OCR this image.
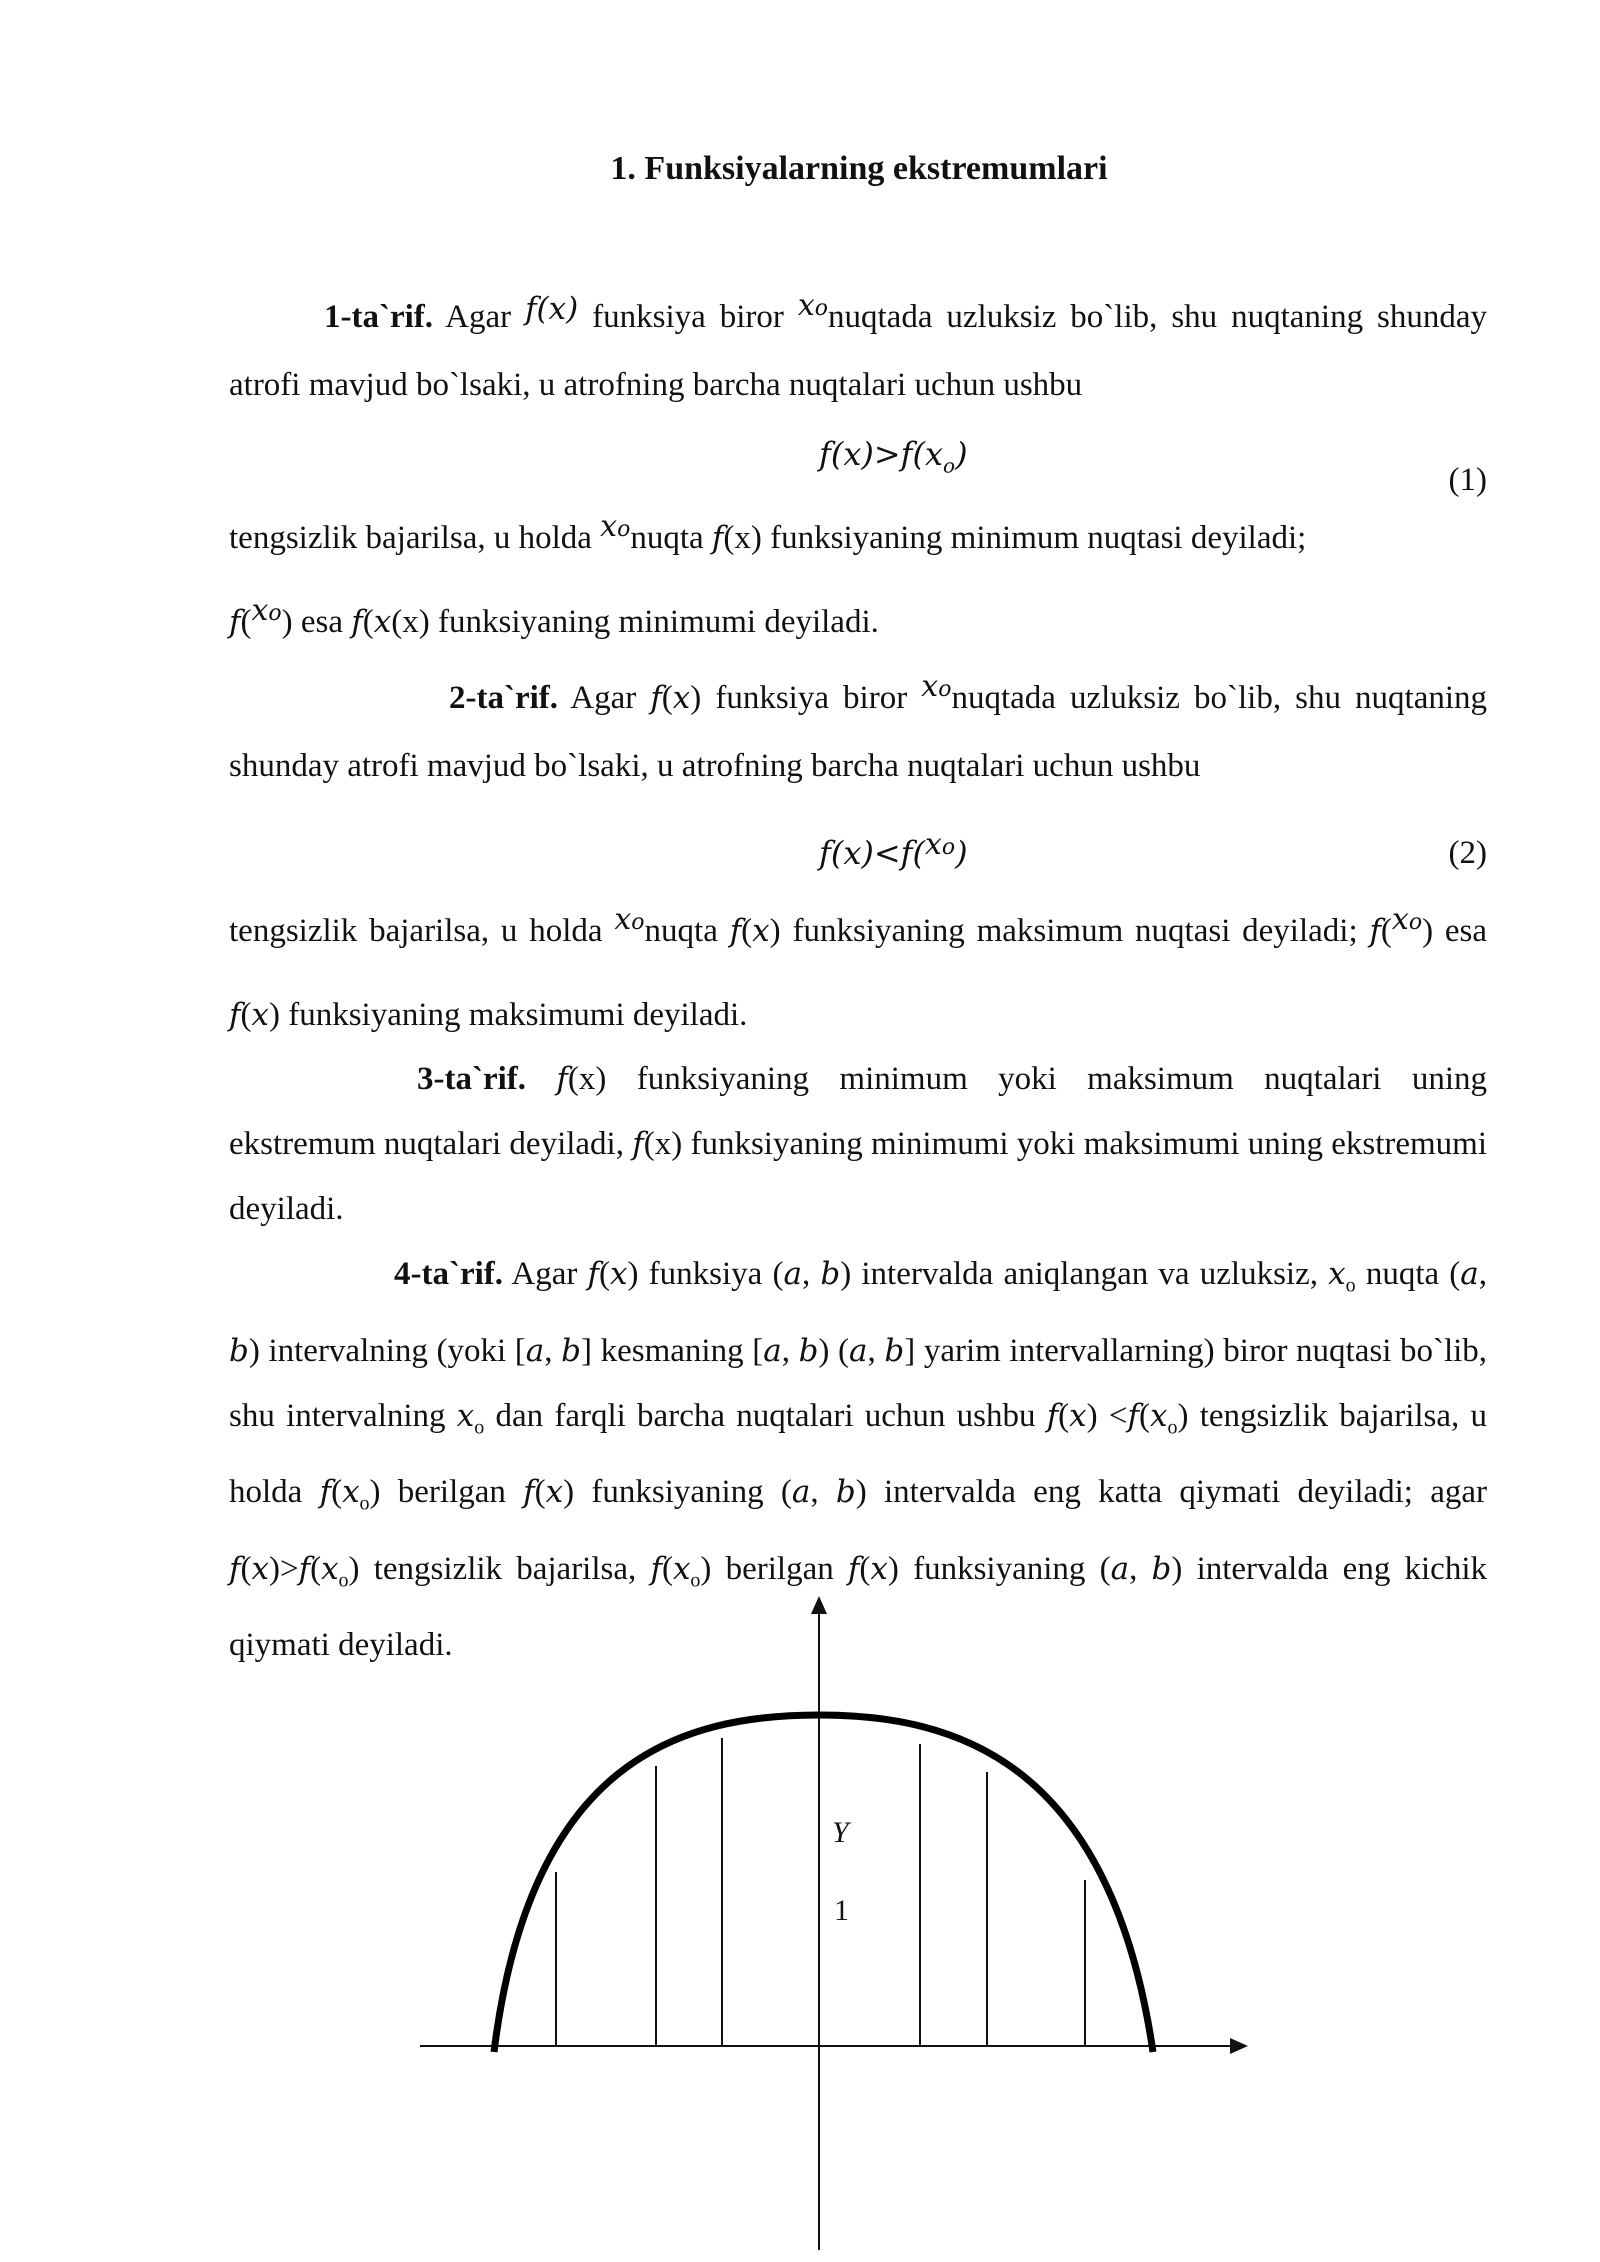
1. Funksiyalarning ekstremumlari

1-ta`rif. Agar f(x) funksiya biror xonuqtada uzluksiz bo`lib, shu nuqtaning shunday atrofi mavjud bo`lsaki, u atrofning barcha nuqtalari uchun ushbu

$f(x)>f(x_o)$
(1)

tengsizlik bajarilsa, u holda xonuqta f(x) funksiyaning minimum nuqtasi deyiladi;
f(xo) esa f(x(x) funksiyaning minimumi deyiladi.

2-ta`rif. Agar f(x) funksiya biror xonuqtada uzluksiz bo`lib, shu nuqtaning shunday atrofi mavjud bo`lsaki, u atrofning barcha nuqtalari uchun ushbu

f(x)<f(xo)	(2)

tengsizlik bajarilsa, u holda xonuqta f(x) funksiyaning maksimum nuqtasi deyiladi; f(xo) esa f(x) funksiyaning maksimumi deyiladi.

3-ta`rif. f(x) funksiyaning minimum yoki maksimum nuqtalari uning ekstremum nuqtalari deyiladi, f(x) funksiyaning minimumi yoki maksimumi uning ekstremumi deyiladi.

4-ta`rif. Agar f(x) funksiya (a, b) intervalda aniqlangan va uzluksiz, $x_o$ nuqta (a, b) intervalning (yoki [a, b] kesmaning [a, b) (a, b] yarim intervallarning) biror nuqtasi bo`lib, shu intervalning $x_o$ dan farqli barcha nuqtalari uchun ushbu $f(x) <f(x_o)$ tengsizlik bajarilsa, u holda $f(x_o)$ berilgan f(x) funksiyaning (a, b) intervalda eng katta qiymati deyiladi; agar $f(x)>f(x_o)$ tengsizlik bajarilsa, $f(x_o)$ berilgan f(x) funksiyaning (a, b) intervalda eng kichik qiymati deyiladi.

Y
1
